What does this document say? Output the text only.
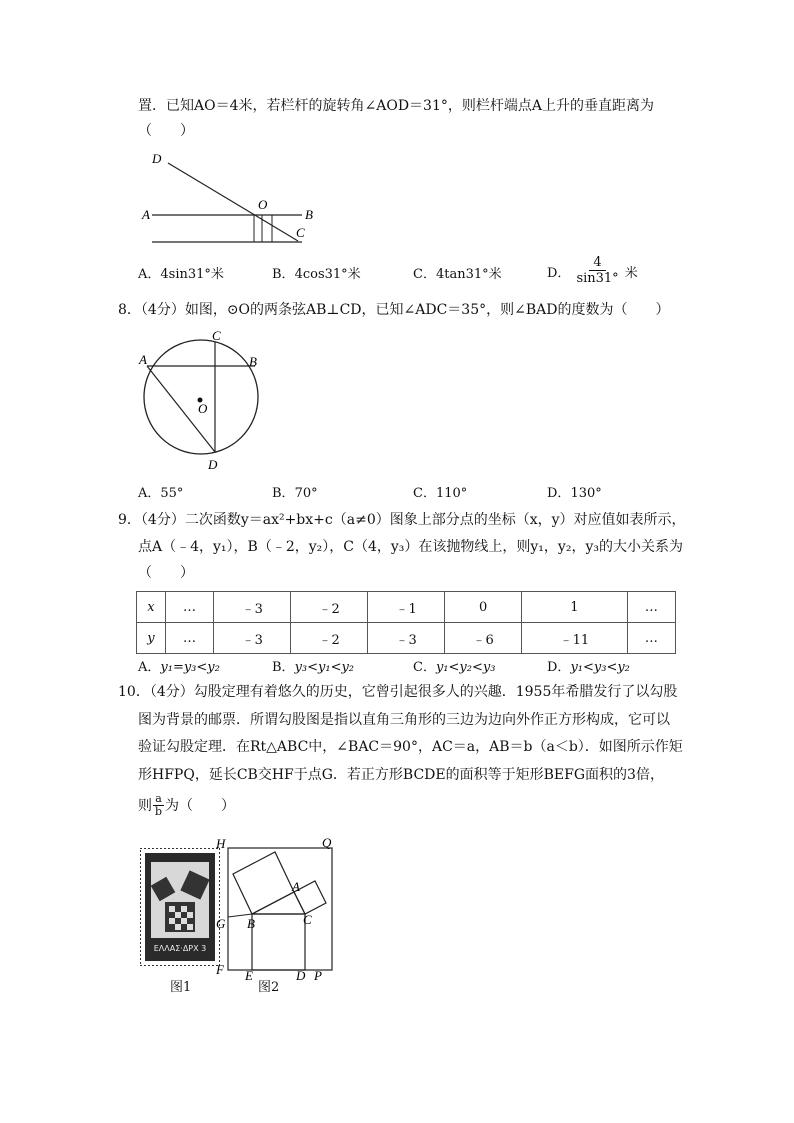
置．已知AO＝4米，若栏杆的旋转角∠AOD＝31°，则栏杆端点A上升的垂直距离为
（　　）
D
O
A	B
C
A．4sin31°米	B．4cos31°米	C．4tan31°米	D． $\frac{4}{\sin 31^\circ}$ 米
8．（4分）如图，⊙O的两条弦AB⊥CD，已知∠ADC＝35°，则∠BAD的度数为（　　）
C
A	B
O
D
A．55°	B．70°	C．110°	D．130°
9．（4分）二次函数y＝ax²+bx+c（a≠0）图象上部分点的坐标（x，y）对应值如表所示，
点A（﹣4，y₁），B（﹣2，y₂），C（4，y₃）在该抛物线上，则y₁，y₂，y₃的大小关系为
（　　）
x	…	﹣3	﹣2	﹣1	0	1	…
y	…	﹣3	﹣2	﹣3	﹣6	﹣11	…
A．y₁=y₃<y₂	B．y₃<y₁<y₂	C．y₁<y₂<y₃	D．y₁<y₃<y₂
10．（4分）勾股定理有着悠久的历史，它曾引起很多人的兴趣．1955年希腊发行了以勾股
图为背景的邮票．所谓勾股图是指以直角三角形的三边为边向外作正方形构成，它可以
验证勾股定理．在Rt△ABC中，∠BAC＝90°，AC＝a，AB＝b（a＜b）．如图所示作矩
形HFPQ，延长CB交HF于点G．若正方形BCDE的面积等于矩形BEFG面积的3倍，
则 $\frac{a}{b}$ 为（　　）
ΕΛΛΑΣ·ΔΡΧ 3
图1
H	Q
A
G B	C
F E	D P
图2
